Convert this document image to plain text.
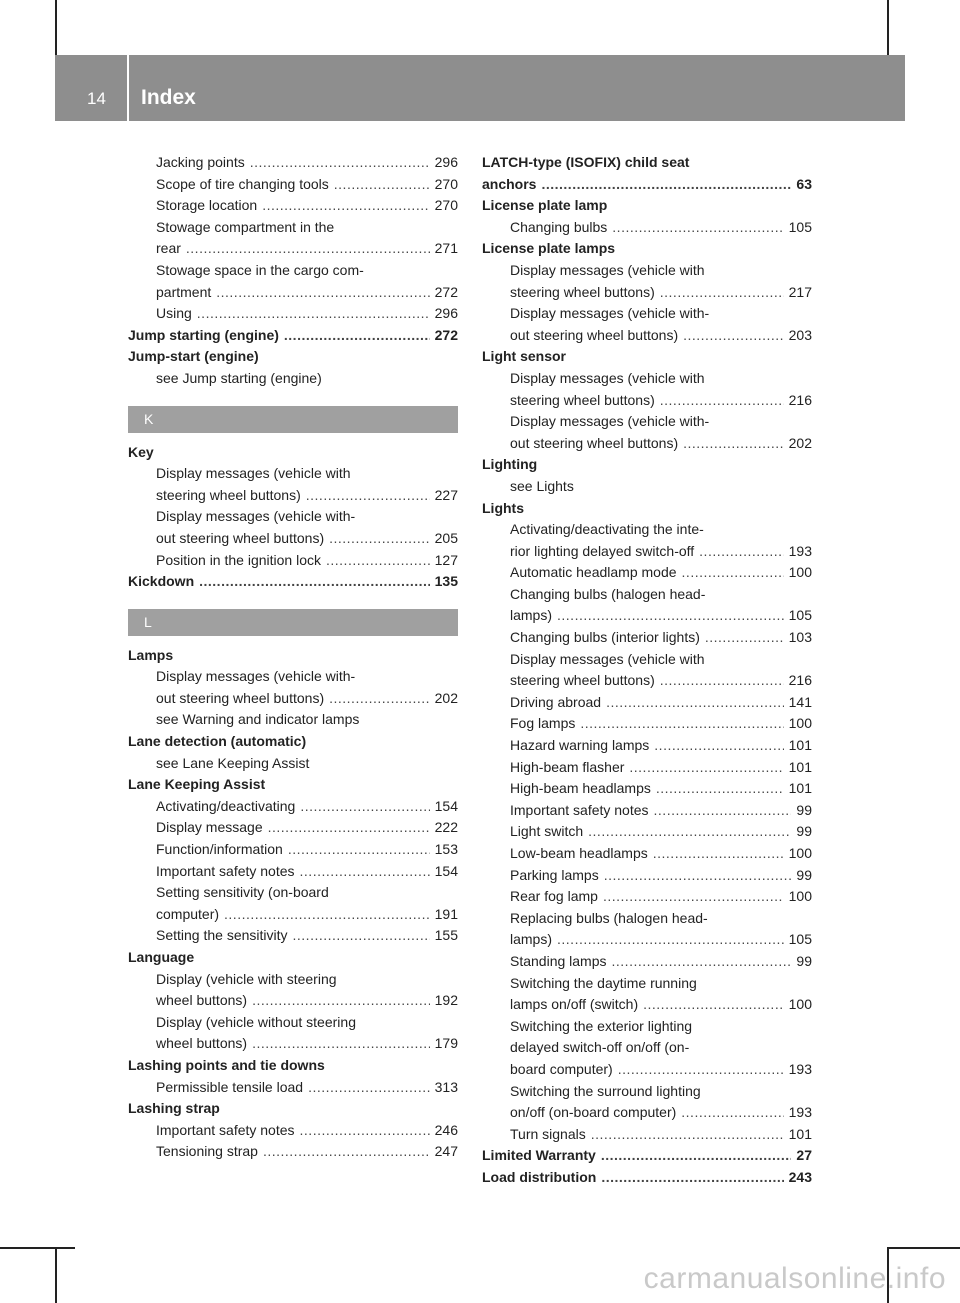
14 Index
Jacking points .....	296
Scope of tire changing tools .....	270
Storage location .....	270
Stowage compartment in the
rear .....	271
Stowage space in the cargo com-
partment .....	272
Using .....	296
Jump starting (engine) .....	272
Jump-start (engine)
see Jump starting (engine)
K
Key
Display messages (vehicle with
steering wheel buttons) .....	227
Display messages (vehicle with-
out steering wheel buttons) .....	205
Position in the ignition lock .....	127
Kickdown .....	135
L
Lamps
Display messages (vehicle with-
out steering wheel buttons) .....	202
see Warning and indicator lamps
Lane detection (automatic)
see Lane Keeping Assist
Lane Keeping Assist
Activating/deactivating .....	154
Display message .....	222
Function/information .....	153
Important safety notes .....	154
Setting sensitivity (on-board
computer) .....	191
Setting the sensitivity .....	155
Language
Display (vehicle with steering
wheel buttons) .....	192
Display (vehicle without steering
wheel buttons) .....	179
Lashing points and tie downs
Permissible tensile load .....	313
Lashing strap
Important safety notes .....	246
Tensioning strap .....	247
LATCH-type (ISOFIX) child seat
anchors .....	63
License plate lamp
Changing bulbs .....	105
License plate lamps
Display messages (vehicle with
steering wheel buttons) .....	217
Display messages (vehicle with-
out steering wheel buttons) .....	203
Light sensor
Display messages (vehicle with
steering wheel buttons) .....	216
Display messages (vehicle with-
out steering wheel buttons) .....	202
Lighting
see Lights
Lights
Activating/deactivating the inte-
rior lighting delayed switch-off .....	193
Automatic headlamp mode .....	100
Changing bulbs (halogen head-
lamps) .....	105
Changing bulbs (interior lights) .....	103
Display messages (vehicle with
steering wheel buttons) .....	216
Driving abroad .....	141
Fog lamps .....	100
Hazard warning lamps .....	101
High-beam flasher .....	101
High-beam headlamps .....	101
Important safety notes .....	99
Light switch .....	99
Low-beam headlamps .....	100
Parking lamps .....	99
Rear fog lamp .....	100
Replacing bulbs (halogen head-
lamps) .....	105
Standing lamps .....	99
Switching the daytime running
lamps on/off (switch) .....	100
Switching the exterior lighting
delayed switch-off on/off (on-
board computer) .....	193
Switching the surround lighting
on/off (on-board computer) .....	193
Turn signals .....	101
Limited Warranty .....	27
Load distribution .....	243
carmanualsonline.info
